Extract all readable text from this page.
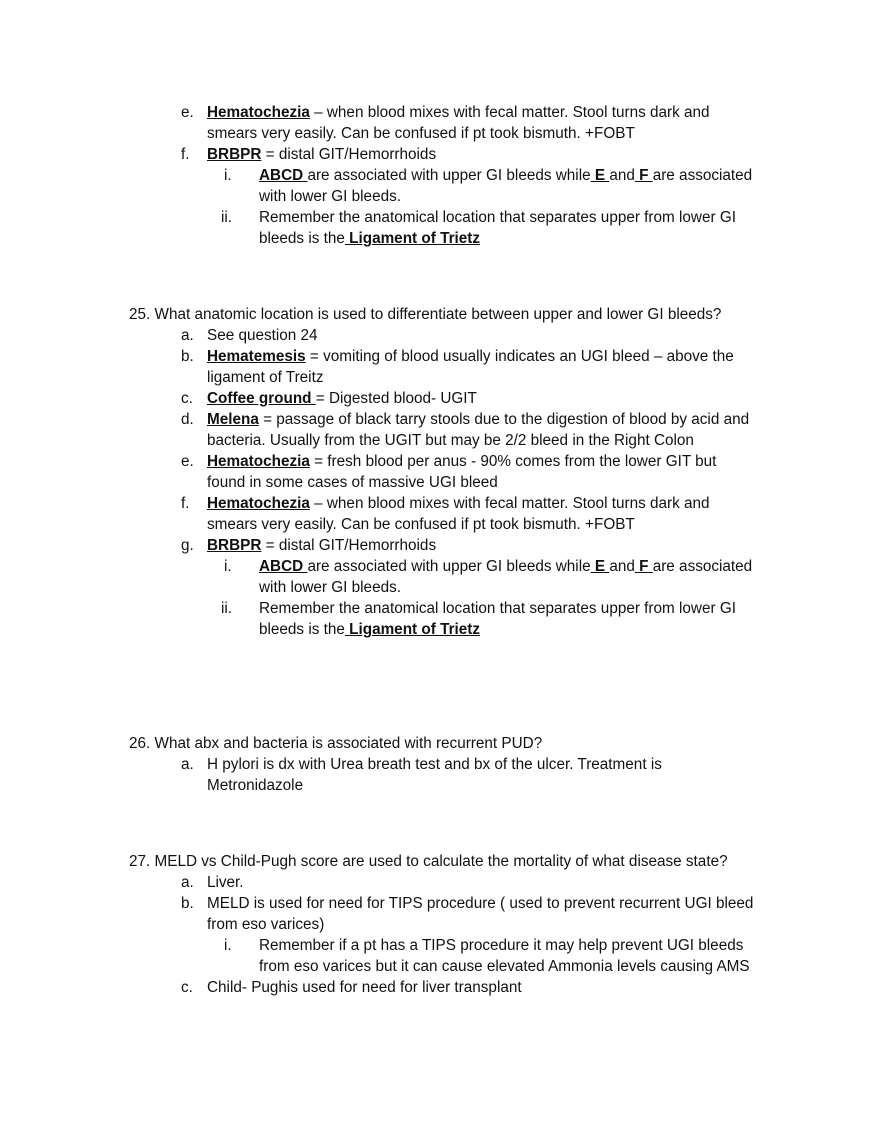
e. Hematochezia – when blood mixes with fecal matter. Stool turns dark and
smears very easily. Can be confused if pt took bismuth. +FOBT
f. BRBPR = distal GIT/Hemorrhoids
i. ABCD are associated with upper GI bleeds while E and F are associated
with lower GI bleeds.
ii. Remember the anatomical location that separates upper from lower GI
bleeds is the Ligament of Trietz
25. What anatomic location is used to differentiate between upper and lower GI bleeds?
a. See question 24
b. Hematemesis = vomiting of blood usually indicates an UGI bleed – above the
ligament of Treitz
c. Coffee ground = Digested blood- UGIT
d. Melena = passage of black tarry stools due to the digestion of blood by acid and
bacteria. Usually from the UGIT but may be 2/2 bleed in the Right Colon
e. Hematochezia = fresh blood per anus - 90% comes from the lower GIT but
found in some cases of massive UGI bleed
f. Hematochezia – when blood mixes with fecal matter. Stool turns dark and
smears very easily. Can be confused if pt took bismuth. +FOBT
g. BRBPR = distal GIT/Hemorrhoids
i. ABCD are associated with upper GI bleeds while E and F are associated
with lower GI bleeds.
ii. Remember the anatomical location that separates upper from lower GI
bleeds is the Ligament of Trietz
26. What abx and bacteria is associated with recurrent PUD?
a. H pylori is dx with Urea breath test and bx of the ulcer. Treatment is
Metronidazole
27. MELD vs Child-Pugh score are used to calculate the mortality of what disease state?
a. Liver.
b. MELD is used for need for TIPS procedure ( used to prevent recurrent UGI bleed
from eso varices)
i. Remember if a pt has a TIPS procedure it may help prevent UGI bleeds
from eso varices but it can cause elevated Ammonia levels causing AMS
c. Child- Pughis used for need for liver transplant
